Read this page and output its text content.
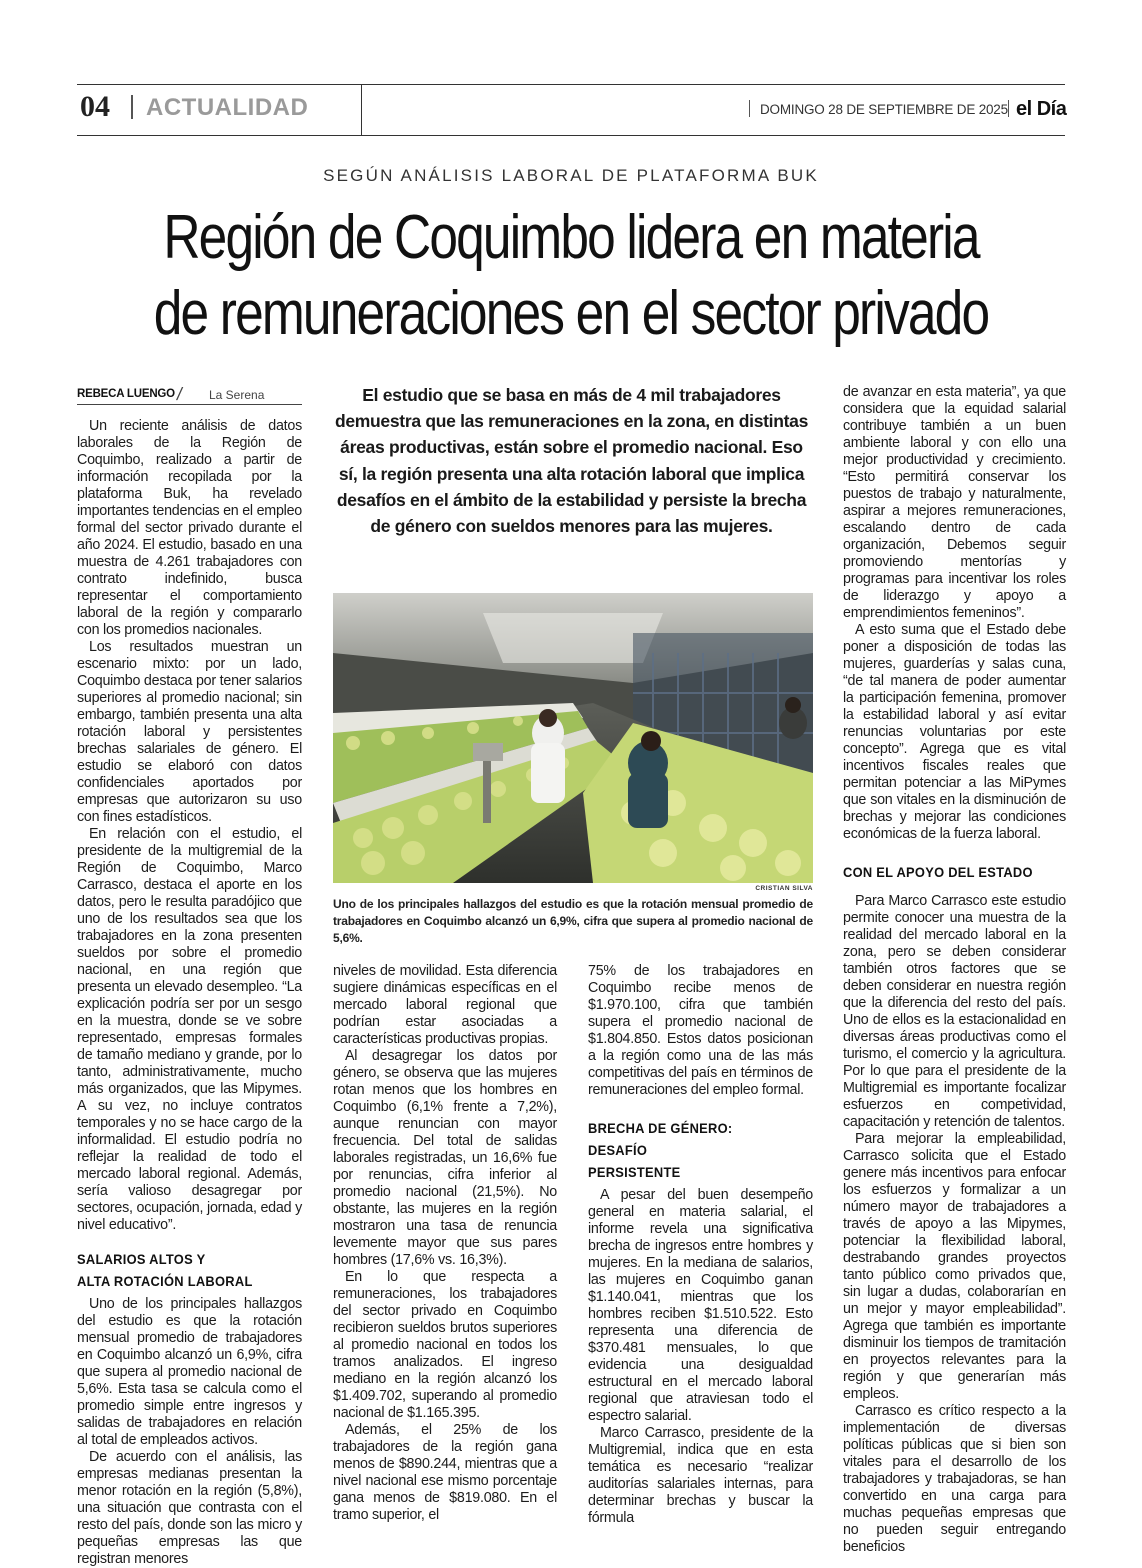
04 ACTUALIDAD	DOMINGO 28 DE SEPTIEMBRE DE 2025 el Día
SEGÚN ANÁLISIS LABORAL DE PLATAFORMA BUK
Región de Coquimbo lidera en materia
de remuneraciones en el sector privado
REBECA LUENGO / La Serena

Un reciente análisis de datos laborales de la Región de Coquimbo, realizado a partir de información recopilada por la plataforma Buk, ha revelado importantes tendencias en el empleo formal del sector privado durante el año 2024. El estudio, basado en una muestra de 4.261 trabajadores con contrato indefinido, busca representar el comportamiento laboral de la región y compararlo con los promedios nacionales.

Los resultados muestran un escenario mixto: por un lado, Coquimbo destaca por tener salarios superiores al promedio nacional; sin embargo, también presenta una alta rotación laboral y persistentes brechas salariales de género. El estudio se elaboró con datos confidenciales aportados por empresas que autorizaron su uso con fines estadísticos.

En relación con el estudio, el presidente de la multigremial de la Región de Coquimbo, Marco Carrasco, destaca el aporte en los datos, pero le resulta paradójico que uno de los resultados sea que los trabajadores en la zona presenten sueldos por sobre el promedio nacional, en una región que presenta un elevado desempleo. “La explicación podría ser por un sesgo en la muestra, donde se ve sobre representado, empresas formales de tamaño mediano y grande, por lo tanto, administrativamente, mucho más organizados, que las Mipymes. A su vez, no incluye contratos temporales y no se hace cargo de la informalidad. El estudio podría no reflejar la realidad de todo el mercado laboral regional. Además, sería valioso desagregar por sectores, ocupación, jornada, edad y nivel educativo”.

SALARIOS ALTOS Y
ALTA ROTACIÓN LABORAL

Uno de los principales hallazgos del estudio es que la rotación mensual promedio de trabajadores en Coquimbo alcanzó un 6,9%, cifra que supera al promedio nacional de 5,6%. Esta tasa se calcula como el promedio simple entre ingresos y salidas de trabajadores en relación al total de empleados activos.

De acuerdo con el análisis, las empresas medianas presentan la menor rotación en la región (5,8%), una situación que contrasta con el resto del país, donde son las micro y pequeñas empresas las que registran menores

El estudio que se basa en más de 4 mil trabajadores demuestra que las remuneraciones en la zona, en distintas áreas productivas, están sobre el promedio nacional. Eso sí, la región presenta una alta rotación laboral que implica desafíos en el ámbito de la estabilidad y persiste la brecha de género con sueldos menores para las mujeres.
CRISTIAN SILVA
Uno de los principales hallazgos del estudio es que la rotación mensual promedio de trabajadores en Coquimbo alcanzó un 6,9%, cifra que supera al promedio nacional de 5,6%.

niveles de movilidad. Esta diferencia sugiere dinámicas específicas en el mercado laboral regional que podrían estar asociadas a características productivas propias.

Al desagregar los datos por género, se observa que las mujeres rotan menos que los hombres en Coquimbo (6,1% frente a 7,2%), aunque renuncian con mayor frecuencia. Del total de salidas laborales registradas, un 16,6% fue por renuncias, cifra inferior al promedio nacional (21,5%). No obstante, las mujeres en la región mostraron una tasa de renuncia levemente mayor que sus pares hombres (17,6% vs. 16,3%).

En lo que respecta a remuneraciones, los trabajadores del sector privado en Coquimbo recibieron sueldos brutos superiores al promedio nacional en todos los tramos analizados. El ingreso mediano en la región alcanzó los $1.409.702, superando al promedio nacional de $1.165.395.

Además, el 25% de los trabajadores de la región gana menos de $890.244, mientras que a nivel nacional ese mismo porcentaje gana menos de $819.080. En el tramo superior, el

75% de los trabajadores en Coquimbo recibe menos de $1.970.100, cifra que también supera el promedio nacional de $1.804.850. Estos datos posicionan a la región como una de las más competitivas del país en términos de remuneraciones del empleo formal.

BRECHA DE GÉNERO: DESAFÍO
PERSISTENTE

A pesar del buen desempeño general en materia salarial, el informe revela una significativa brecha de ingresos entre hombres y mujeres. En la mediana de salarios, las mujeres en Coquimbo ganan $1.140.041, mientras que los hombres reciben $1.510.522. Esto representa una diferencia de $370.481 mensuales, lo que evidencia una desigualdad estructural en el mercado laboral regional que atraviesan todo el espectro salarial.

Marco Carrasco, presidente de la Multigremial, indica que en esta temática es necesario “realizar auditorías salariales internas, para determinar brechas y buscar la fórmula

de avanzar en esta materia”, ya que considera que la equidad salarial contribuye también a un buen ambiente laboral y con ello una mejor productividad y crecimiento. “Esto permitirá conservar los puestos de trabajo y naturalmente, aspirar a mejores remuneraciones, escalando dentro de cada organización, Debemos seguir promoviendo mentorías y programas para incentivar los roles de liderazgo y apoyo a emprendimientos femeninos”.

A esto suma que el Estado debe poner a disposición de todas las mujeres, guarderías y salas cuna, “de tal manera de poder aumentar la participación femenina, promover la estabilidad laboral y así evitar renuncias voluntarias por este concepto”. Agrega que es vital incentivos fiscales reales que permitan potenciar a las MiPymes que son vitales en la disminución de brechas y mejorar las condiciones económicas de la fuerza laboral.

CON EL APOYO DEL ESTADO

Para Marco Carrasco este estudio permite conocer una muestra de la realidad del mercado laboral en la zona, pero se deben considerar también otros factores que se deben considerar en nuestra región que la diferencia del resto del país. Uno de ellos es la estacionalidad en diversas áreas productivas como el turismo, el comercio y la agricultura. Por lo que para el presidente de la Multigremial es importante focalizar esfuerzos en competividad, capacitación y retención de talentos.

Para mejorar la empleabilidad, Carrasco solicita que el Estado genere más incentivos para enfocar los esfuerzos y formalizar a un número mayor de trabajadores a través de apoyo a las Mipymes, potenciar la flexibilidad laboral, destrabando grandes proyectos tanto público como privados que, sin lugar a dudas, colaborarían en un mejor y mayor empleabilidad”. Agrega que también es importante disminuir los tiempos de tramitación en proyectos relevantes para la región y que generarían más empleos.

Carrasco es crítico respecto a la implementación de diversas políticas públicas que si bien son vitales para el desarrollo de los trabajadores y trabajadoras, se han convertido en una carga para muchas pequeñas empresas que no pueden seguir entregando beneficios
